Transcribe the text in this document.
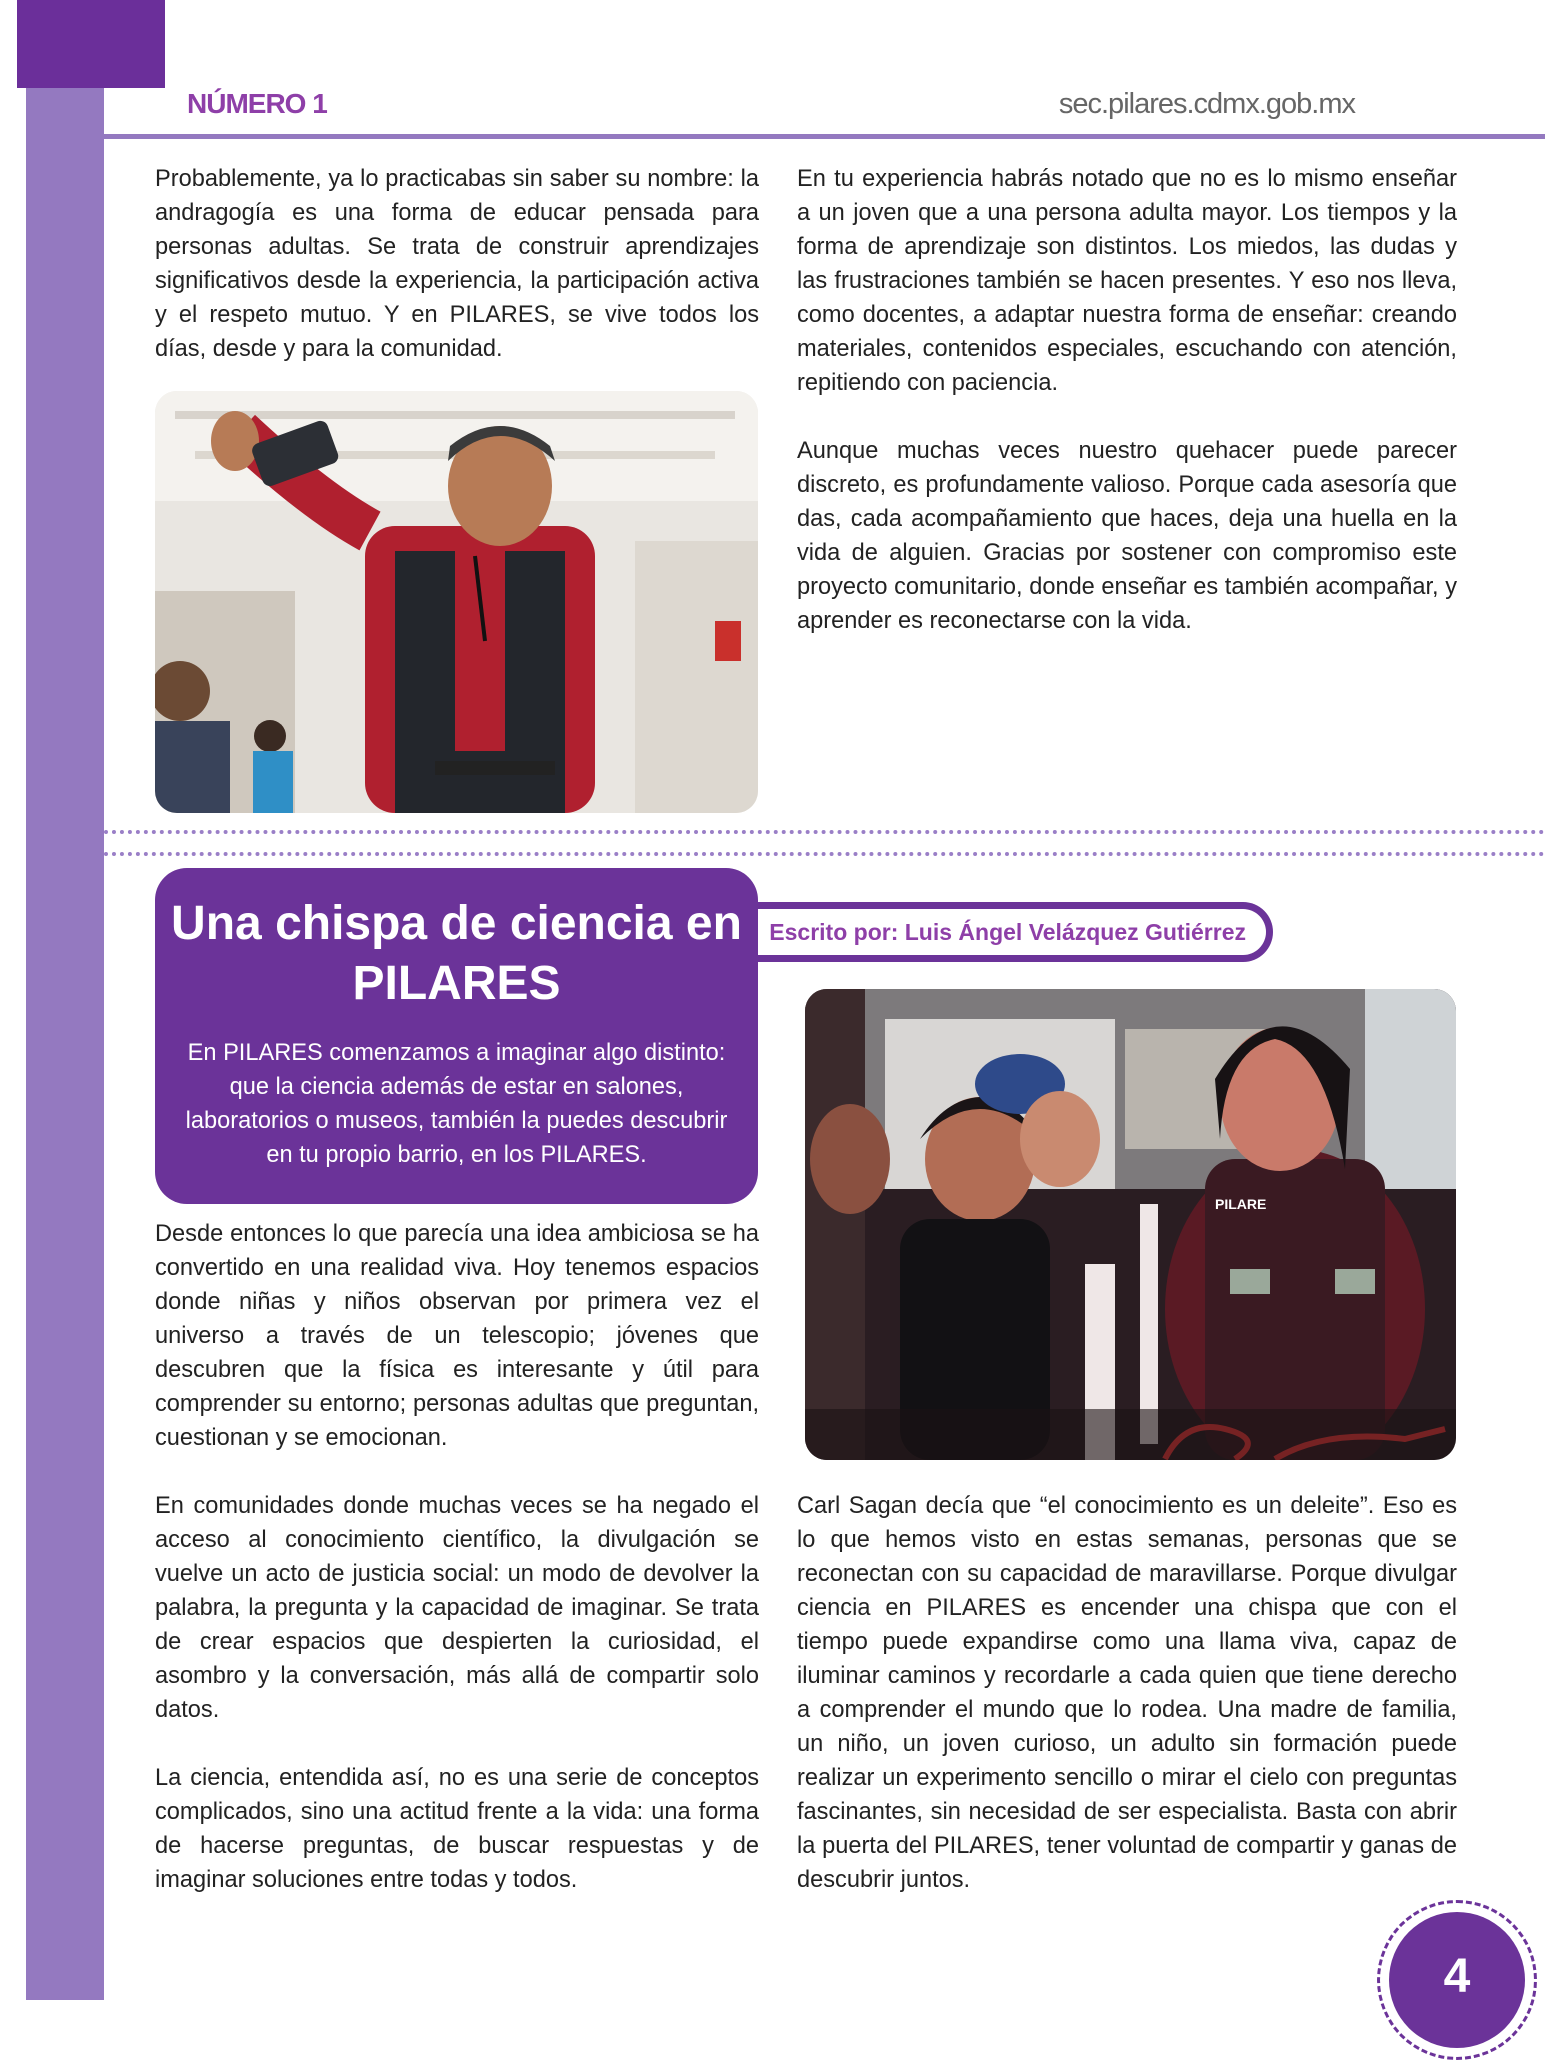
NÚMERO 1	sec.pilares.cdmx.gob.mx

Probablemente, ya lo practicabas sin saber su nombre: la andragogía es una forma de educar pensada para personas adultas. Se trata de construir aprendizajes significativos desde la experiencia, la participación activa y el respeto mutuo. Y en PILARES, se vive todos los días, desde y para la comunidad.

En tu experiencia habrás notado que no es lo mismo enseñar a un joven que a una persona adulta mayor. Los tiempos y la forma de aprendizaje son distintos. Los miedos, las dudas y las frustraciones también se hacen presentes. Y eso nos lleva, como docentes, a adaptar nuestra forma de enseñar: creando materiales, contenidos especiales, escuchando con atención, repitiendo con paciencia.

Aunque muchas veces nuestro quehacer puede parecer discreto, es profundamente valioso. Porque cada asesoría que das, cada acompañamiento que haces, deja una huella en la vida de alguien. Gracias por sostener con compromiso este proyecto comunitario, donde enseñar es también acompañar, y aprender es reconectarse con la vida.

Escrito por: Luis Ángel Velázquez Gutiérrez
Una chispa de ciencia en PILARES
En PILARES comenzamos a imaginar algo distinto: que la ciencia además de estar en salones, laboratorios o museos, también la puedes descubrir en tu propio barrio, en los PILARES.

Desde entonces lo que parecía una idea ambiciosa se ha convertido en una realidad viva. Hoy tenemos espacios donde niñas y niños observan por primera vez el universo a través de un telescopio; jóvenes que descubren que la física es interesante y útil para comprender su entorno; personas adultas que preguntan, cuestionan y se emocionan.

En comunidades donde muchas veces se ha negado el acceso al conocimiento científico, la divulgación se vuelve un acto de justicia social: un modo de devolver la palabra, la pregunta y la capacidad de imaginar. Se trata de crear espacios que despierten la curiosidad, el asombro y la conversación, más allá de compartir solo datos.

La ciencia, entendida así, no es una serie de conceptos complicados, sino una actitud frente a la vida: una forma de hacerse preguntas, de buscar respuestas y de imaginar soluciones entre todas y todos.

PILARE

Carl Sagan decía que “el conocimiento es un deleite”. Eso es lo que hemos visto en estas semanas, personas que se reconectan con su capacidad de maravillarse. Porque divulgar ciencia en PILARES es encender una chispa que con el tiempo puede expandirse como una llama viva, capaz de iluminar caminos y recordarle a cada quien que tiene derecho a comprender el mundo que lo rodea. Una madre de familia, un niño, un joven curioso, un adulto sin formación puede realizar un experimento sencillo o mirar el cielo con preguntas fascinantes, sin necesidad de ser especialista. Basta con abrir la puerta del PILARES, tener voluntad de compartir y ganas de descubrir juntos.

4
